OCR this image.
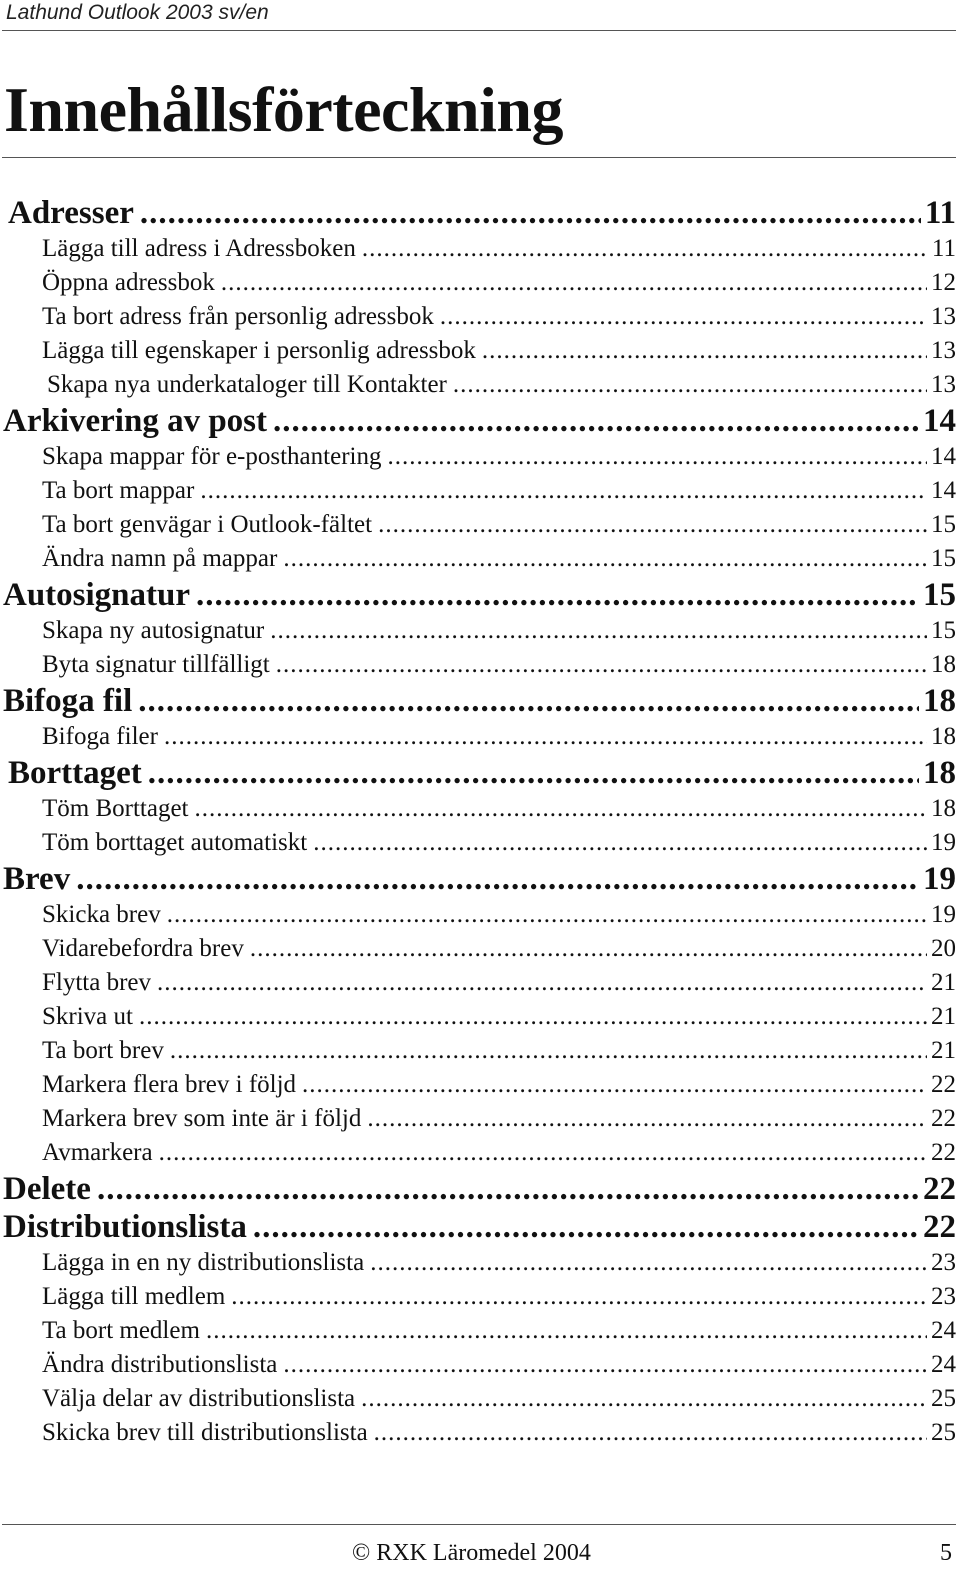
Lathund Outlook 2003 sv/en
Innehållsförteckning
Adresser .....	11
Lägga till adress i Adressboken .....	11
Öppna adressbok .....	12
Ta bort adress från personlig adressbok .....	13
Lägga till egenskaper i personlig adressbok .....	13
Skapa nya underkataloger till Kontakter .....	13
Arkivering av post .....	14
Skapa mappar för e-posthantering .....	14
Ta bort mappar .....	14
Ta bort genvägar i Outlook-fältet .....	15
Ändra namn på mappar .....	15
Autosignatur .....	15
Skapa ny autosignatur .....	15
Byta signatur tillfälligt .....	18
Bifoga fil .....	18
Bifoga filer .....	18
Borttaget .....	18
Töm Borttaget .....	18
Töm borttaget automatiskt .....	19
Brev .....	19
Skicka brev .....	19
Vidarebefordra brev .....	20
Flytta brev .....	21
Skriva ut .....	21
Ta bort brev .....	21
Markera flera brev i följd .....	22
Markera brev som inte är i följd .....	22
Avmarkera .....	22
Delete .....	22
Distributionslista .....	22
Lägga in en ny distributionslista .....	23
Lägga till medlem .....	23
Ta bort medlem .....	24
Ändra distributionslista .....	24
Välja delar av distributionslista .....	25
Skicka brev till distributionslista .....	25
© RXK Läromedel 2004	5
